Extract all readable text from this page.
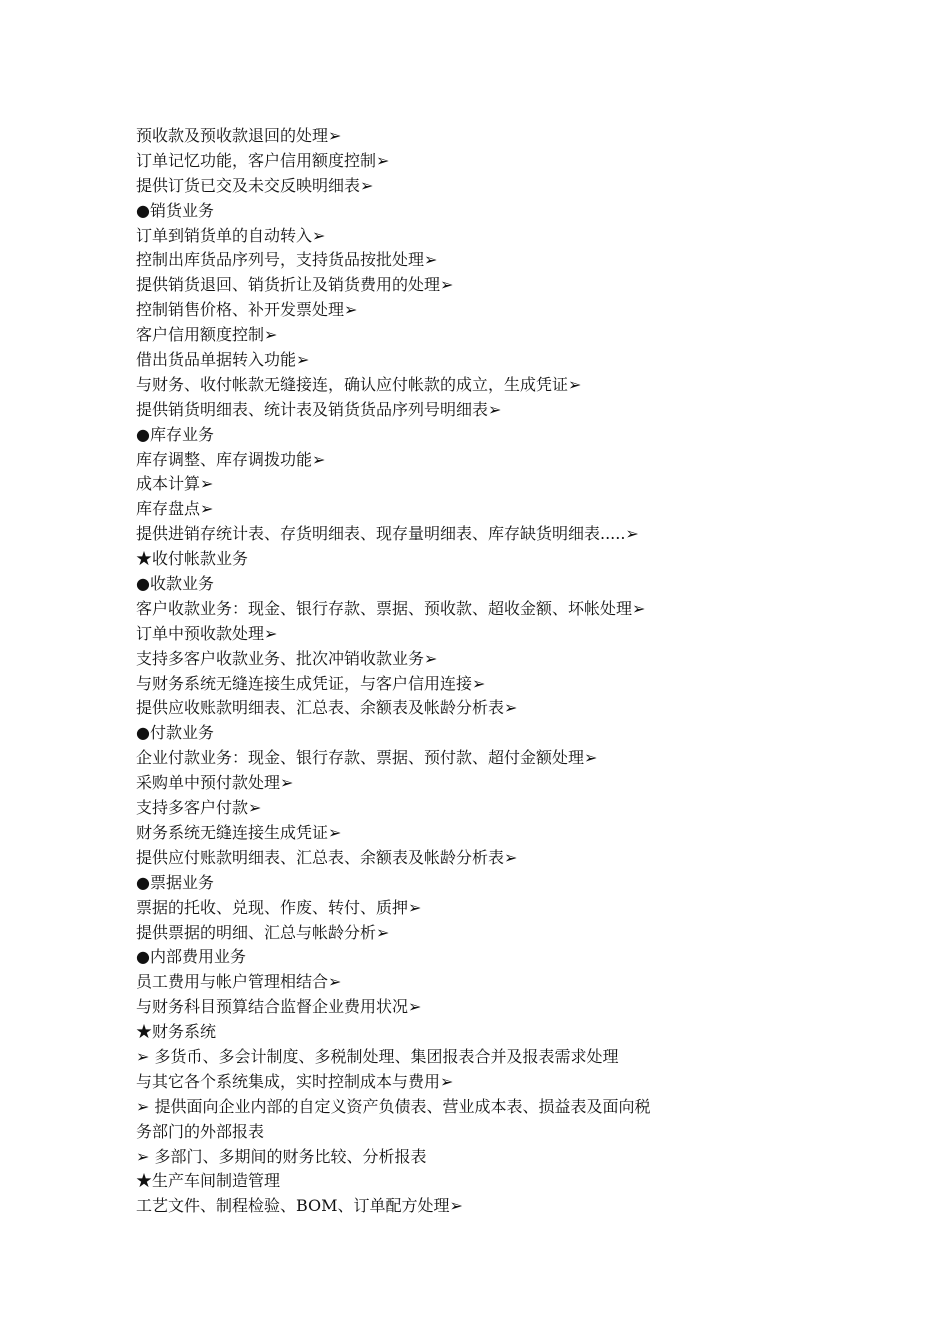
预收款及预收款退回的处理➢
订单记忆功能，客户信用额度控制➢
提供订货已交及未交反映明细表➢
●销货业务
订单到销货单的自动转入➢
控制出库货品序列号，支持货品按批处理➢
提供销货退回、销货折让及销货费用的处理➢
控制销售价格、补开发票处理➢
客户信用额度控制➢
借出货品单据转入功能➢
与财务、收付帐款无缝接连，确认应付帐款的成立，生成凭证➢
提供销货明细表、统计表及销货货品序列号明细表➢
●库存业务
库存调整、库存调拨功能➢
成本计算➢
库存盘点➢
提供进销存统计表、存货明细表、现存量明细表、库存缺货明细表.....➢
★收付帐款业务
●收款业务
客户收款业务：现金、银行存款、票据、预收款、超收金额、坏帐处理➢
订单中预收款处理➢
支持多客户收款业务、批次冲销收款业务➢
与财务系统无缝连接生成凭证，与客户信用连接➢
提供应收账款明细表、汇总表、余额表及帐龄分析表➢
●付款业务
企业付款业务：现金、银行存款、票据、预付款、超付金额处理➢
采购单中预付款处理➢
支持多客户付款➢
财务系统无缝连接生成凭证➢
提供应付账款明细表、汇总表、余额表及帐龄分析表➢
●票据业务
票据的托收、兑现、作废、转付、质押➢
提供票据的明细、汇总与帐龄分析➢
●内部费用业务
员工费用与帐户管理相结合➢
与财务科目预算结合监督企业费用状况➢
★财务系统
➢ 多货币、多会计制度、多税制处理、集团报表合并及报表需求处理
与其它各个系统集成，实时控制成本与费用➢
➢ 提供面向企业内部的自定义资产负债表、营业成本表、损益表及面向税
务部门的外部报表
➢ 多部门、多期间的财务比较、分析报表
★生产车间制造管理
工艺文件、制程检验、BOM、订单配方处理➢
